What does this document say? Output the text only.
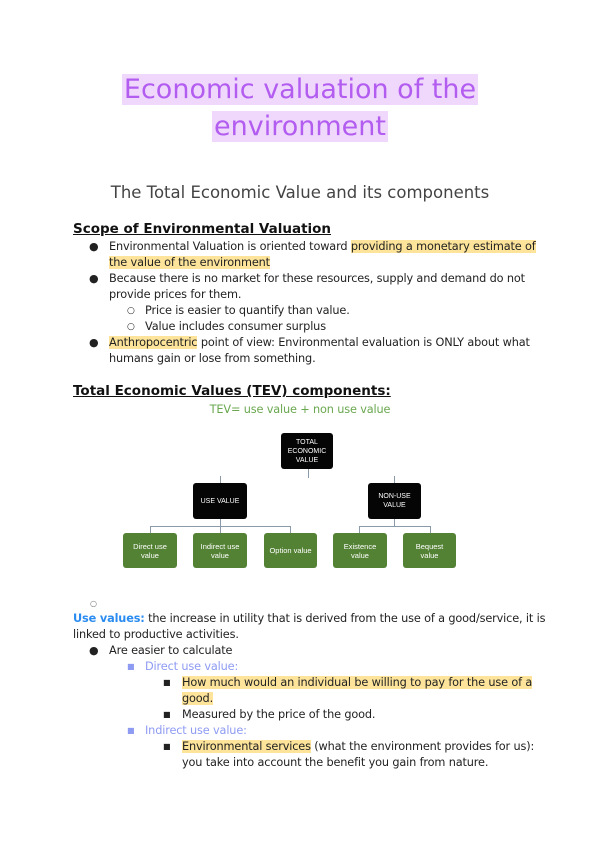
Economic valuation of the
environment
The Total Economic Value and its components
Scope of Environmental Valuation
● Environmental Valuation is oriented toward providing a monetary estimate of
the value of the environment
● Because there is no market for these resources, supply and demand do not
provide prices for them.
○ Price is easier to quantify than value.
○ Value includes consumer surplus
● Anthropocentric point of view: Environmental evaluation is ONLY about what
humans gain or lose from something.
Total Economic Values (TEV) components:
TEV= use value + non use value
TOTAL
ECONOMIC
VALUE
USE VALUE
NON-USE
VALUE
Direct use
value
Indirect use
value	Option value	Existence
value
Bequest
value
○
Use values: the increase in utility that is derived from the use of a good/service, it is
linked to productive activities.
● Are easier to calculate
■ Direct use value:
■ How much would an individual be willing to pay for the use of a
good.
■ Measured by the price of the good.
■ Indirect use value:
■ Environmental services (what the environment provides for us):
you take into account the benefit you gain from nature.
